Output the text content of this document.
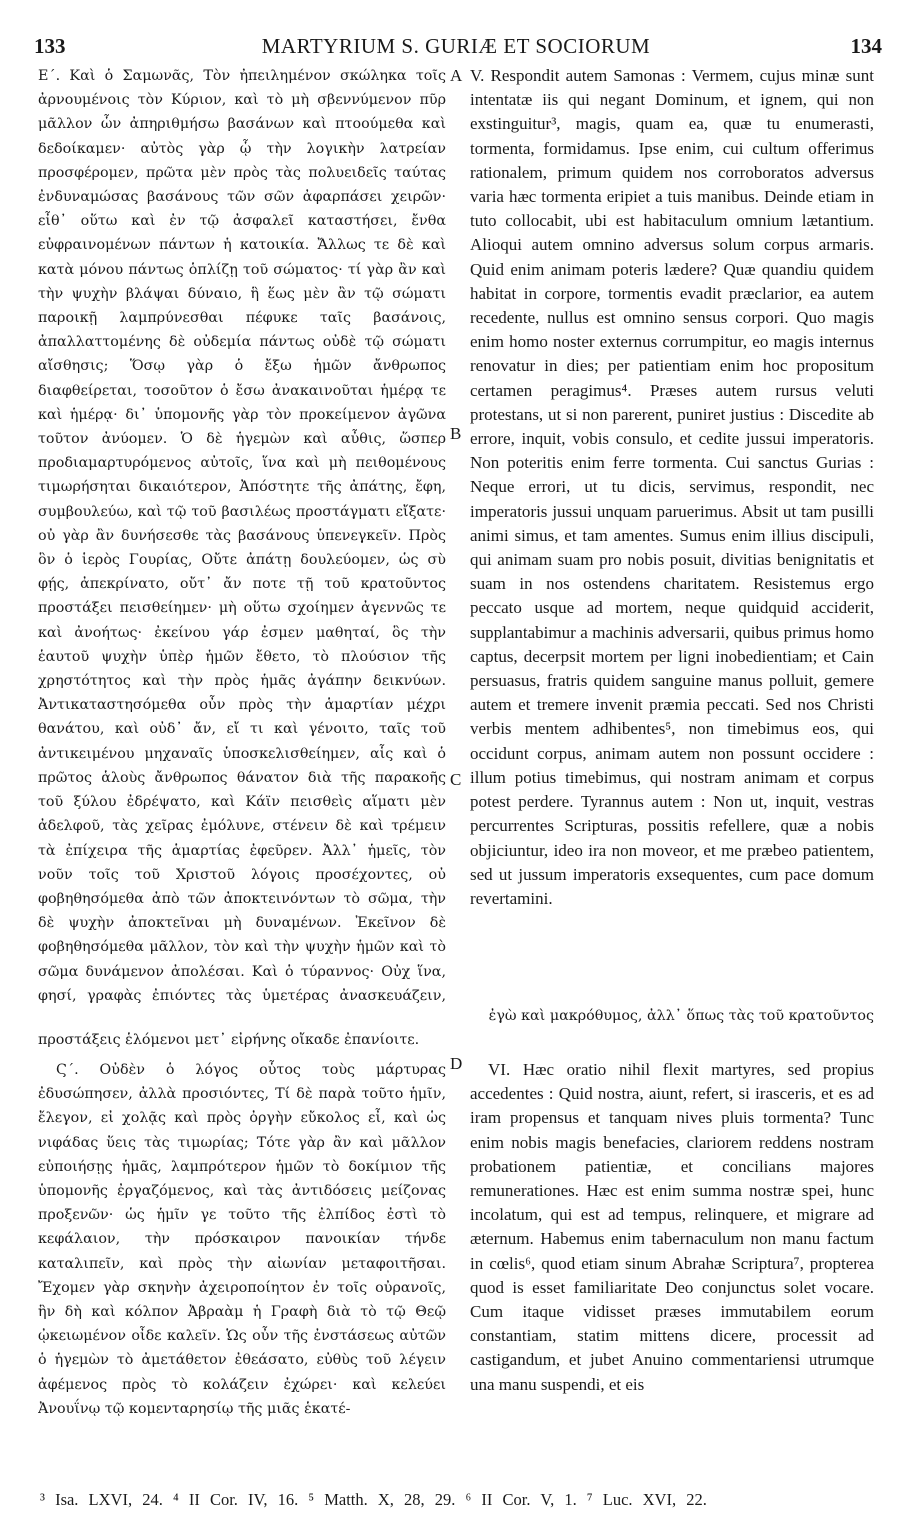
133	MARTYRIUM S. GURIÆ ET SOCIORUM	134

Ε΄. Καὶ ὁ Σαμωνᾶς, Τὸν ἠπειλημένον σκώληκα τοῖς ἀρνουμένοις τὸν Κύριον, καὶ τὸ μὴ σβεννύμενον πῦρ μᾶλλον ὧν ἀπηριθμήσω βασάνων καὶ πτοούμεθα καὶ δεδοίκαμεν· αὐτὸς γὰρ ᾧ τὴν λογικὴν λατρείαν προσφέρομεν, πρῶτα μὲν πρὸς τὰς πολυειδεῖς ταύτας ἐνδυναμώσας βασάνους τῶν σῶν ἀφαρπάσει χειρῶν· εἶθ᾽ οὕτω καὶ ἐν τῷ ἀσφαλεῖ καταστήσει, ἔνθα εὐφραινομένων πάντων ἡ κατοικία. Ἄλλως τε δὲ καὶ κατὰ μόνου πάντως ὁπλίζῃ τοῦ σώματος· τί γὰρ ἂν καὶ τὴν ψυχὴν βλάψαι δύναιο, ἣ ἕως μὲν ἂν τῷ σώματι παροικῇ λαμπρύνεσθαι πέφυκε ταῖς βασάνοις, ἀπαλλαττομένης δὲ οὐδεμία πάντως οὐδὲ τῷ σώματι αἴσθησις; Ὅσῳ γὰρ ὁ ἔξω ἡμῶν ἄνθρωπος διαφθείρεται, τοσοῦτον ὁ ἔσω ἀνακαινοῦται ἡμέρᾳ τε καὶ ἡμέρᾳ· δι᾽ ὑπομονῆς γὰρ τὸν προκείμενον ἀγῶνα τοῦτον ἀνύομεν. Ὁ δὲ ἡγεμὼν καὶ αὖθις, ὥσπερ προδιαμαρτυρόμενος αὐτοῖς, ἵνα καὶ μὴ πειθομένους τιμωρήσηται δικαιότερον, Ἀπόστητε τῆς ἀπάτης, ἔφη, συμβουλεύω, καὶ τῷ τοῦ βασιλέως προστάγματι εἴξατε· οὐ γὰρ ἂν δυνήσεσθε τὰς βασάνους ὑπενεγκεῖν. Πρὸς ὃν ὁ ἱερὸς Γουρίας, Οὔτε ἀπάτῃ δουλεύομεν, ὡς σὺ φῄς, ἀπεκρίνατο, οὔτ᾽ ἄν ποτε τῇ τοῦ κρατοῦντος προστάξει πεισθείημεν· μὴ οὕτω σχοίημεν ἀγεννῶς τε καὶ ἀνοήτως· ἐκείνου γάρ ἐσμεν μαθηταί, ὃς τὴν ἑαυτοῦ ψυχὴν ὑπὲρ ἡμῶν ἔθετο, τὸ πλούσιον τῆς χρηστότητος καὶ τὴν πρὸς ἡμᾶς ἀγάπην δεικνύων. Ἀντικαταστησόμεθα οὖν πρὸς τὴν ἁμαρτίαν μέχρι θανάτου, καὶ οὐδ᾽ ἄν, εἴ τι καὶ γένοιτο, ταῖς τοῦ ἀντικειμένου μηχαναῖς ὑποσκελισθείημεν, αἷς καὶ ὁ πρῶτος ἁλοὺς ἄνθρωπος θάνατον διὰ τῆς παρακοῆς τοῦ ξύλου ἐδρέψατο, καὶ Κάϊν πεισθεὶς αἵματι μὲν ἀδελφοῦ, τὰς χεῖρας ἐμόλυνε, στένειν δὲ καὶ τρέμειν τὰ ἐπίχειρα τῆς ἁμαρτίας ἐφεῦρεν. Ἀλλ᾽ ἡμεῖς, τὸν νοῦν τοῖς τοῦ Χριστοῦ λόγοις προσέχοντες, οὐ φοβηθησόμεθα ἀπὸ τῶν ἀποκτεινόντων τὸ σῶμα, τὴν δὲ ψυχὴν ἀποκτεῖναι μὴ δυναμένων. Ἐκεῖνον δὲ φοβηθησόμεθα μᾶλλον, τὸν καὶ τὴν ψυχὴν ἡμῶν καὶ τὸ σῶμα δυνάμενον ἀπολέσαι. Καὶ ὁ τύραννος· Οὐχ ἵνα, φησί, γραφὰς ἐπιόντες τὰς ὑμετέρας ἀνασκευάζειν,

V. Respondit autem Samonas : Vermem, cujus minæ sunt intentatæ iis qui negant Dominum, et ignem, qui non exstinguitur³, magis, quam ea, quæ tu enumerasti, tormenta, formidamus. Ipse enim, cui cultum offerimus rationalem, primum quidem nos corroboratos adversus varia hæc tormenta eripiet a tuis manibus. Deinde etiam in tuto collocabit, ubi est habitaculum omnium lætantium. Alioqui autem omnino adversus solum corpus armaris. Quid enim animam poteris lædere? Quæ quandiu quidem habitat in corpore, tormentis evadit præclarior, ea autem recedente, nullus est omnino sensus corpori. Quo magis enim homo noster externus corrumpitur, eo magis internus renovatur in dies; per patientiam enim hoc propositum certamen peragimus⁴. Præses autem rursus veluti protestans, ut si non parerent, puniret justius : Discedite ab errore, inquit, vobis consulo, et cedite jussui imperatoris. Non poteritis enim ferre tormenta. Cui sanctus Gurias : Neque errori, ut tu dicis, servimus, respondit, nec imperatoris jussui unquam paruerimus. Absit ut tam pusilli animi simus, et tam amentes. Sumus enim illius discipuli, qui animam suam pro nobis posuit, divitias benignitatis et suam in nos ostendens charitatem. Resistemus ergo peccato usque ad mortem, neque quidquid acciderit, supplantabimur a machinis adversarii, quibus primus homo captus, decerpsit mortem per ligni inobedientiam; et Cain persuasus, fratris quidem sanguine manus polluit, gemere autem et tremere invenit præmia peccati. Sed nos Christi verbis mentem adhibentes⁵, non timebimus eos, qui occidunt corpus, animam autem non possunt occidere : illum potius timebimus, qui nostram animam et corpus potest perdere. Tyrannus autem : Non ut, inquit, vestras percurrentes Scripturas, possitis refellere, quæ a nobis objiciuntur, ideo ira non moveor, et me præbeo patientem, sed ut jussum imperatoris exsequentes, cum pace domum revertamini.

A
B
C
D
ἐγὼ καὶ μακρόθυμος, ἀλλ᾽ ὅπως τὰς τοῦ κρατοῦντος
προστάξεις ἑλόμενοι μετ᾽ εἰρήνης οἴκαδε ἐπανίοιτε.

Ϛ΄. Οὐδὲν ὁ λόγος οὗτος τοὺς μάρτυρας ἐδυσώπησεν, ἀλλὰ προσιόντες, Τί δὲ παρὰ τοῦτο ἡμῖν, ἔλεγον, εἰ χολᾷς καὶ πρὸς ὀργὴν εὔκολος εἶ, καὶ ὡς νιφάδας ὕεις τὰς τιμωρίας; Τότε γὰρ ἂν καὶ μᾶλλον εὐποιήσῃς ἡμᾶς, λαμπρότερον ἡμῶν τὸ δοκίμιον τῆς ὑπομονῆς ἐργαζόμενος, καὶ τὰς ἀντιδόσεις μείζονας προξενῶν· ὡς ἡμῖν γε τοῦτο τῆς ἐλπίδος ἐστὶ τὸ κεφάλαιον, τὴν πρόσκαιρον πανοικίαν τήνδε καταλιπεῖν, καὶ πρὸς τὴν αἰωνίαν μεταφοιτῆσαι. Ἔχομεν γὰρ σκηνὴν ἀχειροποίητον ἐν τοῖς οὐρανοῖς, ἣν δὴ καὶ κόλπον Ἀβραὰμ ἡ Γραφὴ διὰ τὸ τῷ Θεῷ ᾠκειωμένον οἶδε καλεῖν. Ὡς οὖν τῆς ἐνστάσεως αὐτῶν ὁ ἡγεμὼν τὸ ἀμετάθετον ἐθεάσατο, εὐθὺς τοῦ λέγειν ἀφέμενος πρὸς τὸ κολάζειν ἐχώρει· καὶ κελεύει Ἀνουΐνῳ τῷ κομενταρησίῳ τῆς μιᾶς ἑκατέ-

VI. Hæc oratio nihil flexit martyres, sed propius accedentes : Quid nostra, aiunt, refert, si irasceris, et es ad iram propensus et tanquam nives pluis tormenta? Tunc enim nobis magis benefacies, clariorem reddens nostram probationem patientiæ, et concilians majores remunerationes. Hæc est enim summa nostræ spei, hunc incolatum, qui est ad tempus, relinquere, et migrare ad æternum. Habemus enim tabernaculum non manu factum in cœlis⁶, quod etiam sinum Abrahæ Scriptura⁷, propterea quod is esset familiaritate Deo conjunctus solet vocare. Cum itaque vidisset præses immutabilem eorum constantiam, statim mittens dicere, processit ad castigandum, et jubet Anuino commentariensi utrumque una manu suspendi, et eis

³ Isa. LXVI, 24. ⁴ II Cor. IV, 16. ⁵ Matth. X, 28, 29. ⁶ II Cor. V, 1. ⁷ Luc. XVI, 22.
